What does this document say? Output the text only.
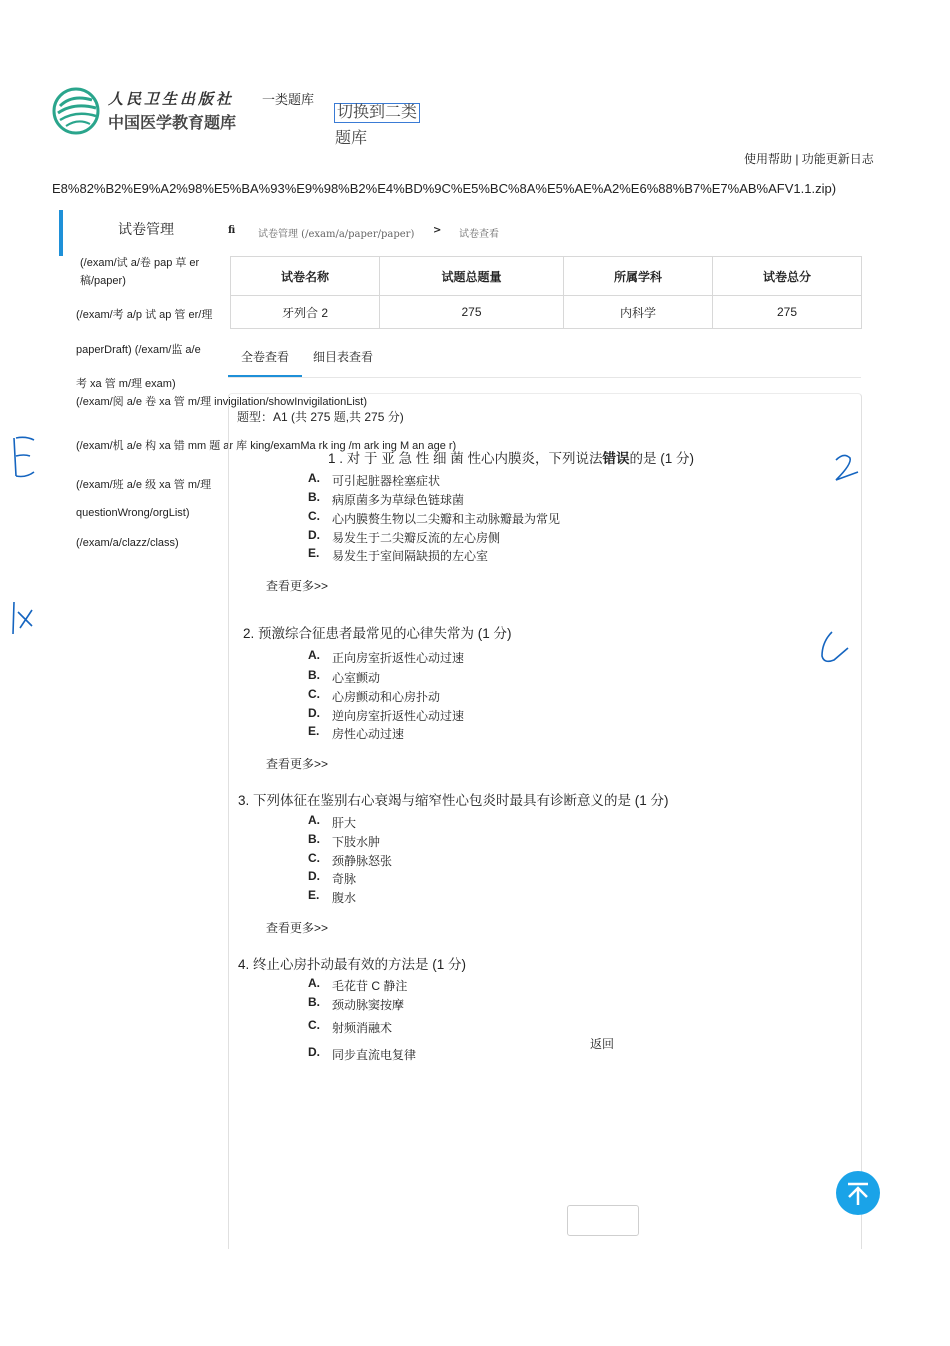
人民卫生出版社
中国医学教育题库
一类题库
切换到二类
题库
使用帮助 | 功能更新日志
E8%82%B2%E9%A2%98%E5%BA%93%E9%98%B2%E4%BD%9C%E5%BC%8A%E5%AE%A2%E6%88%B7%E7%AB%AFV1.1.zip)
试卷管理
(/exam/试 a/卷 pap 草 er
稿/paper)
(/exam/考 a/p 试 ap 管 er/理
paperDraft) (/exam/监 a/e
考 xa 管 m/理 exam)
(/exam/阅 a/e 卷 xa 管 m/理 invigilation/showInvigilationList)
(/exam/机 a/e 构 xa 错 mm 题 ar 库 king/examMa rk ing /m ark ing M an age r)
(/exam/班 a/e 级 xa 管 m/理
questionWrong/orgList)
(/exam/a/clazz/class)
fi 试卷管理 (/exam/a/paper/paper) > 试卷查看
试卷名称	试题总题量	所属学科	试卷总分
牙列合 2	275	内科学	275
全卷查看 细目表查看
题型：A1 (共 275 题,共 275 分)
1 . 对 于 亚 急 性 细 菌 性心内膜炎，下列说法错误的是 (1 分)
A. 可引起脏器栓塞症状
B. 病原菌多为草绿色链球菌
C. 心内膜赘生物以二尖瓣和主动脉瓣最为常见
D. 易发生于二尖瓣反流的左心房侧
E. 易发生于室间隔缺损的左心室
查看更多>>
2. 预激综合征患者最常见的心律失常为 (1 分)
A. 正向房室折返性心动过速
B. 心室颤动
C. 心房颤动和心房扑动
D. 逆向房室折返性心动过速
E. 房性心动过速
查看更多>>
3. 下列体征在鉴别右心衰竭与缩窄性心包炎时最具有诊断意义的是 (1 分)
A. 肝大
B. 下肢水肿
C. 颈静脉怒张
D. 奇脉
E. 腹水
查看更多>>
4. 终止心房扑动最有效的方法是 (1 分)
A. 毛花苷 C 静注
B. 颈动脉窦按摩
C. 射频消融术
D. 同步直流电复律
返回
